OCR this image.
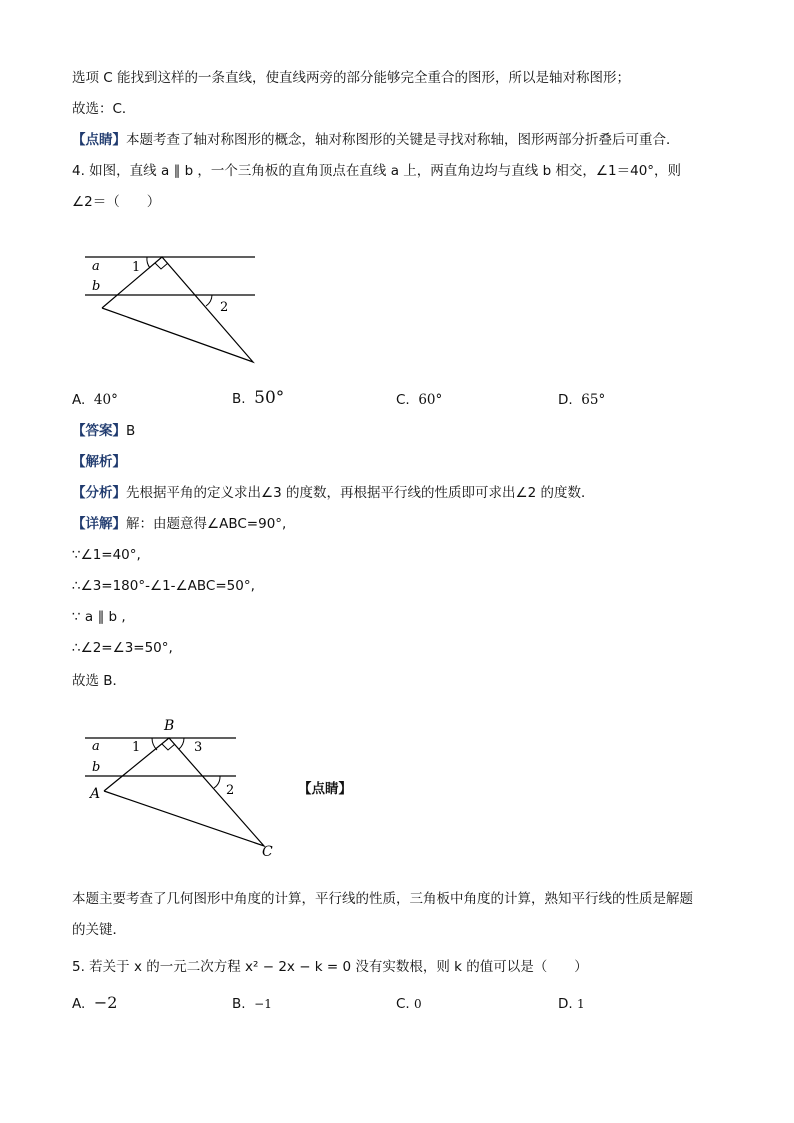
选项 C 能找到这样的一条直线，使直线两旁的部分能够完全重合的图形，所以是轴对称图形；
故选：C．
【点睛】本题考查了轴对称图形的概念，轴对称图形的关键是寻找对称轴，图形两部分折叠后可重合．
4. 如图，直线 a ∥ b ，一个三角板的直角顶点在直线 a 上，两直角边均与直线 b 相交，∠1＝40°，则
∠2＝（　　）
a
b
1
2
A. 40°	B. 50°	C. 60°	D. 65°
【答案】B
【解析】
【分析】先根据平角的定义求出∠3 的度数，再根据平行线的性质即可求出∠2 的度数．
【详解】解：由题意得∠ABC=90°,
∵∠1=40°,
∴∠3=180°-∠1-∠ABC=50°,
∵ a ∥ b ,
∴∠2=∠3=50°,
故选 B．
B
a
b
A
C
1	3
2	【点睛】
本题主要考查了几何图形中角度的计算，平行线的性质，三角板中角度的计算，熟知平行线的性质是解题
的关键．
5. 若关于 x 的一元二次方程 x² − 2x − k = 0 没有实数根，则 k 的值可以是（　　）
A. −2	B. −1	C. 0	D. 1
